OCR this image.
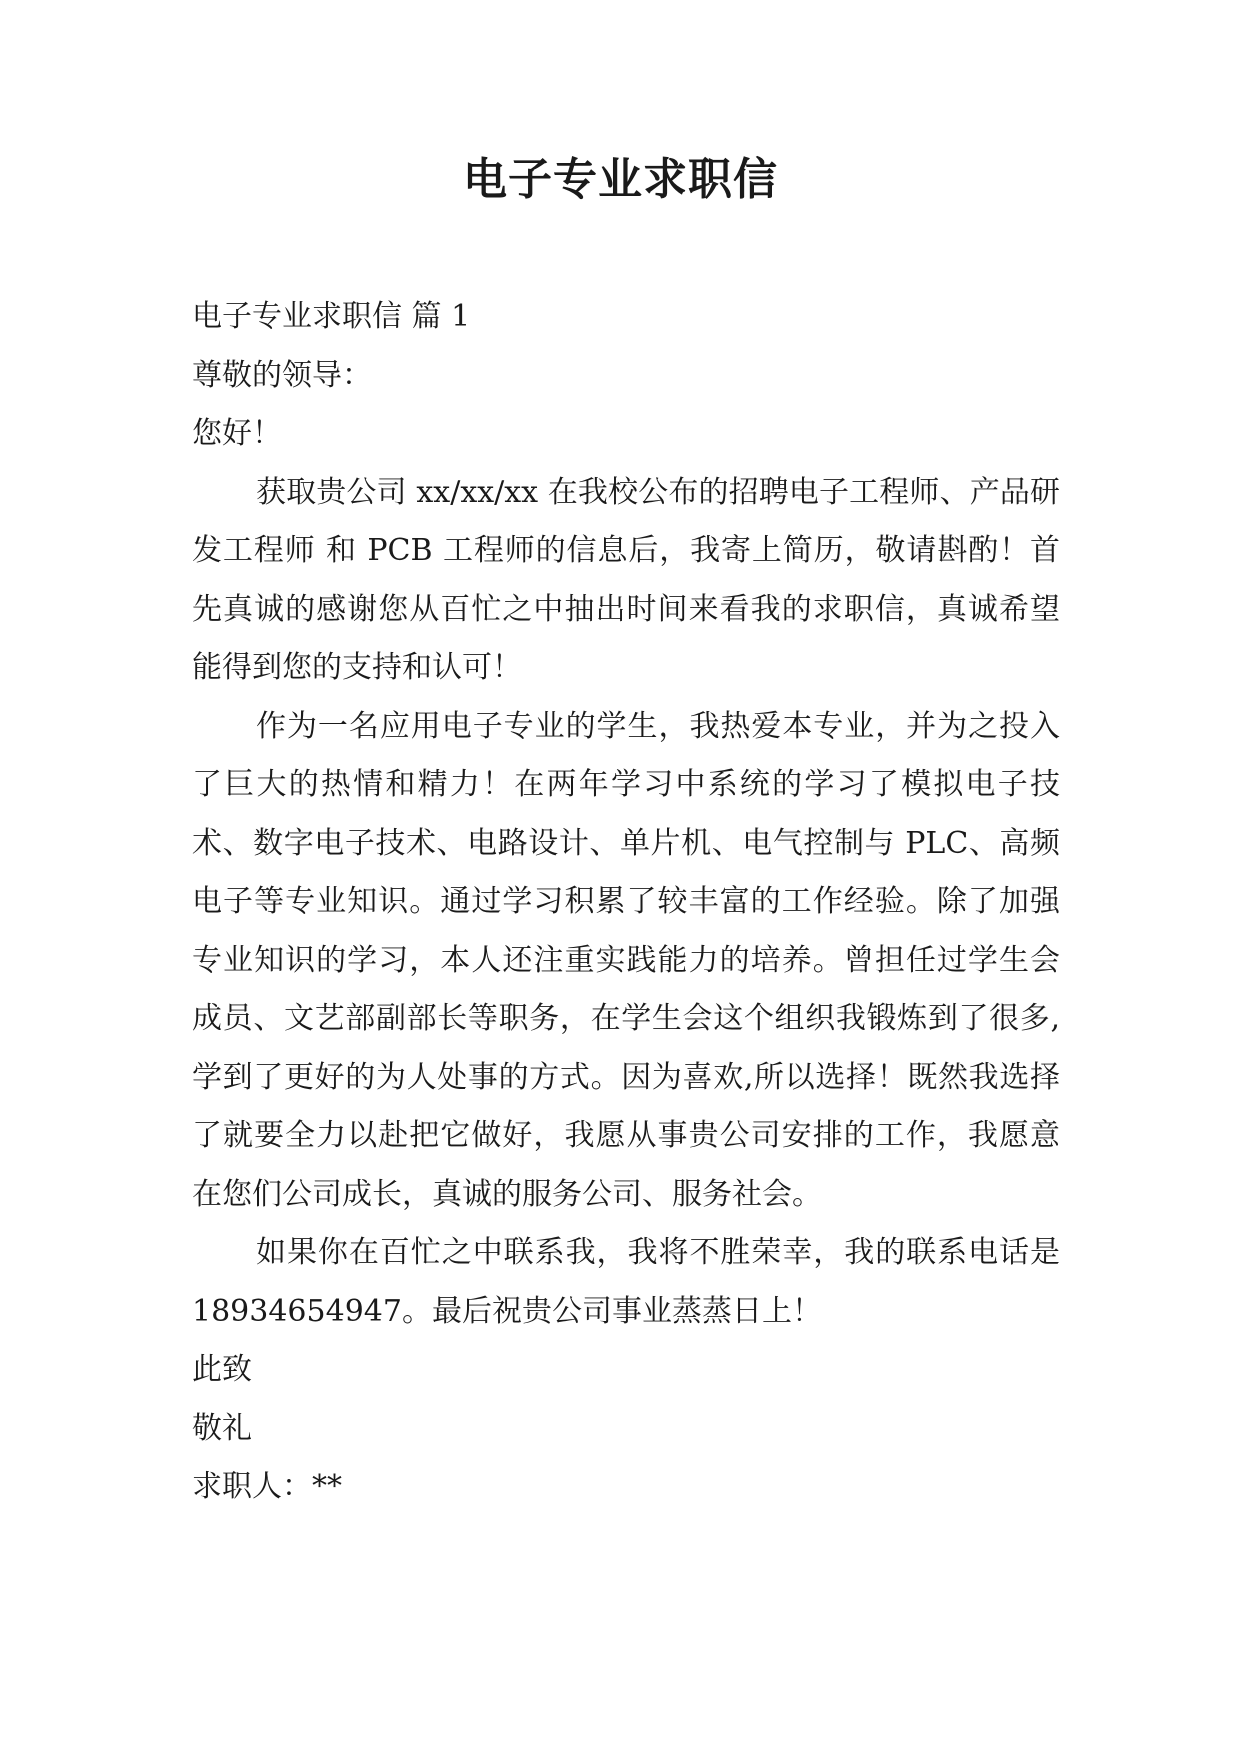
电子专业求职信

电子专业求职信 篇 1

尊敬的领导：

您好！

获取贵公司 xx/xx/xx 在我校公布的招聘电子工程师、产品研发工程师 和 PCB 工程师的信息后，我寄上简历，敬请斟酌！首先真诚的感谢您从百忙之中抽出时间来看我的求职信，真诚希望能得到您的支持和认可！

作为一名应用电子专业的学生，我热爱本专业，并为之投入了巨大的热情和精力！在两年学习中系统的学习了模拟电子技术、数字电子技术、电路设计、单片机、电气控制与 PLC、高频电子等专业知识。通过学习积累了较丰富的工作经验。除了加强专业知识的学习，本人还注重实践能力的培养。曾担任过学生会成员、文艺部副部长等职务，在学生会这个组织我锻炼到了很多,学到了更好的为人处事的方式。因为喜欢,所以选择！既然我选择了就要全力以赴把它做好，我愿从事贵公司安排的工作，我愿意在您们公司成长，真诚的服务公司、服务社会。

如果你在百忙之中联系我，我将不胜荣幸，我的联系电话是 18934654947。最后祝贵公司事业蒸蒸日上！

此致

敬礼

求职人：**
